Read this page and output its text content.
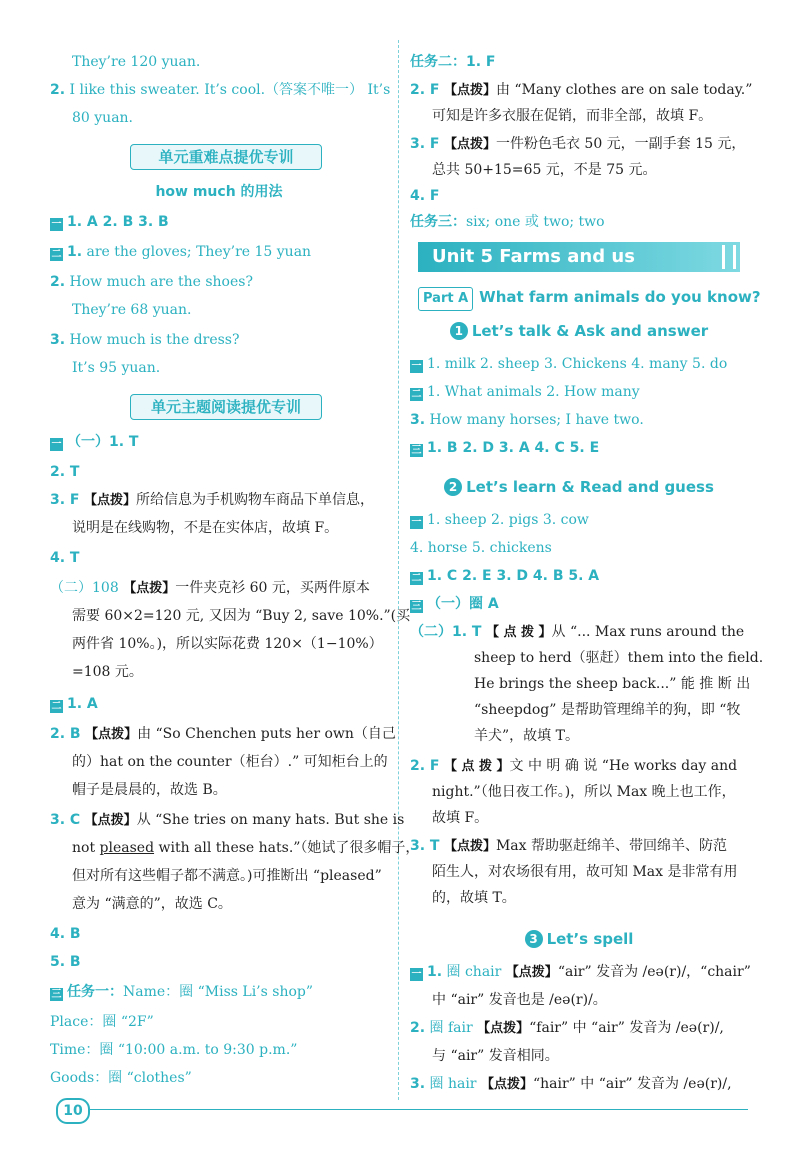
They’re 120 yuan.
2. I like this sweater. It’s cool.（答案不唯一） It’s
80 yuan.
单元重难点提优专训
how much 的用法
一 1. A 2. B 3. B
二 1. are the gloves; They’re 15 yuan
2. How much are the shoes?
They’re 68 yuan.
3. How much is the dress?
It’s 95 yuan.
单元主题阅读提优专训
一 （一）1. T
2. T
3. F 【点拨】所给信息为手机购物车商品下单信息，
说明是在线购物，不是在实体店，故填 F。
4. T
（二）108 【点拨】一件夹克衫 60 元，买两件原本
需要 60×2=120 元, 又因为 “Buy 2, save 10%.”(买
两件省 10%。)，所以实际花费 120×（1−10%）
=108 元。
二 1. A
2. B 【点拨】由 “So Chenchen puts her own（自己
的）hat on the counter（柜台）.” 可知柜台上的
帽子是晨晨的，故选 B。
3. C 【点拨】从 “She tries on many hats. But she is
not pleased with all these hats.”（她试了很多帽子，
但对所有这些帽子都不满意。)可推断出 “pleased”
意为 “满意的”，故选 C。
4. B
5. B
三 任务一：Name：圈 “Miss Li’s shop”
Place：圈 “2F”
Time：圈 “10:00 a.m. to 9:30 p.m.”
Goods：圈 “clothes”
任务二：1. F
2. F 【点拨】由 “Many clothes are on sale today.”
可知是许多衣服在促销，而非全部，故填 F。
3. F 【点拨】一件粉色毛衣 50 元，一副手套 15 元，
总共 50+15=65 元，不是 75 元。
4. F
任务三：six; one 或 two; two
Unit 5 Farms and us
Part A What farm animals do you know?
1 Let’s talk & Ask and answer
一 1. milk 2. sheep 3. Chickens 4. many 5. do
二 1. What animals 2. How many
3. How many horses; I have two.
三 1. B 2. D 3. A 4. C 5. E
2 Let’s learn & Read and guess
一 1. sheep 2. pigs 3. cow
4. horse 5. chickens
二 1. C 2. E 3. D 4. B 5. A
三 （一）圈 A
（二）1. T 【 点 拨 】从 “... Max runs around the
sheep to herd（驱赶）them into the field.
He brings the sheep back...” 能 推 断 出
“sheepdog” 是帮助管理绵羊的狗，即 “牧
羊犬”，故填 T。
2. F 【 点 拨 】文 中 明 确 说 “He works day and
night.”（他日夜工作。)，所以 Max 晚上也工作，
故填 F。
3. T 【点拨】Max 帮助驱赶绵羊、带回绵羊、防范
陌生人，对农场很有用，故可知 Max 是非常有用
的，故填 T。
3 Let’s spell
一 1. 圈 chair 【点拨】“air” 发音为 /eə(r)/，“chair”
中 “air” 发音也是 /eə(r)/。
2. 圈 fair 【点拨】“fair” 中 “air” 发音为 /eə(r)/,
与 “air” 发音相同。
3. 圈 hair 【点拨】“hair” 中 “air” 发音为 /eə(r)/,
10
